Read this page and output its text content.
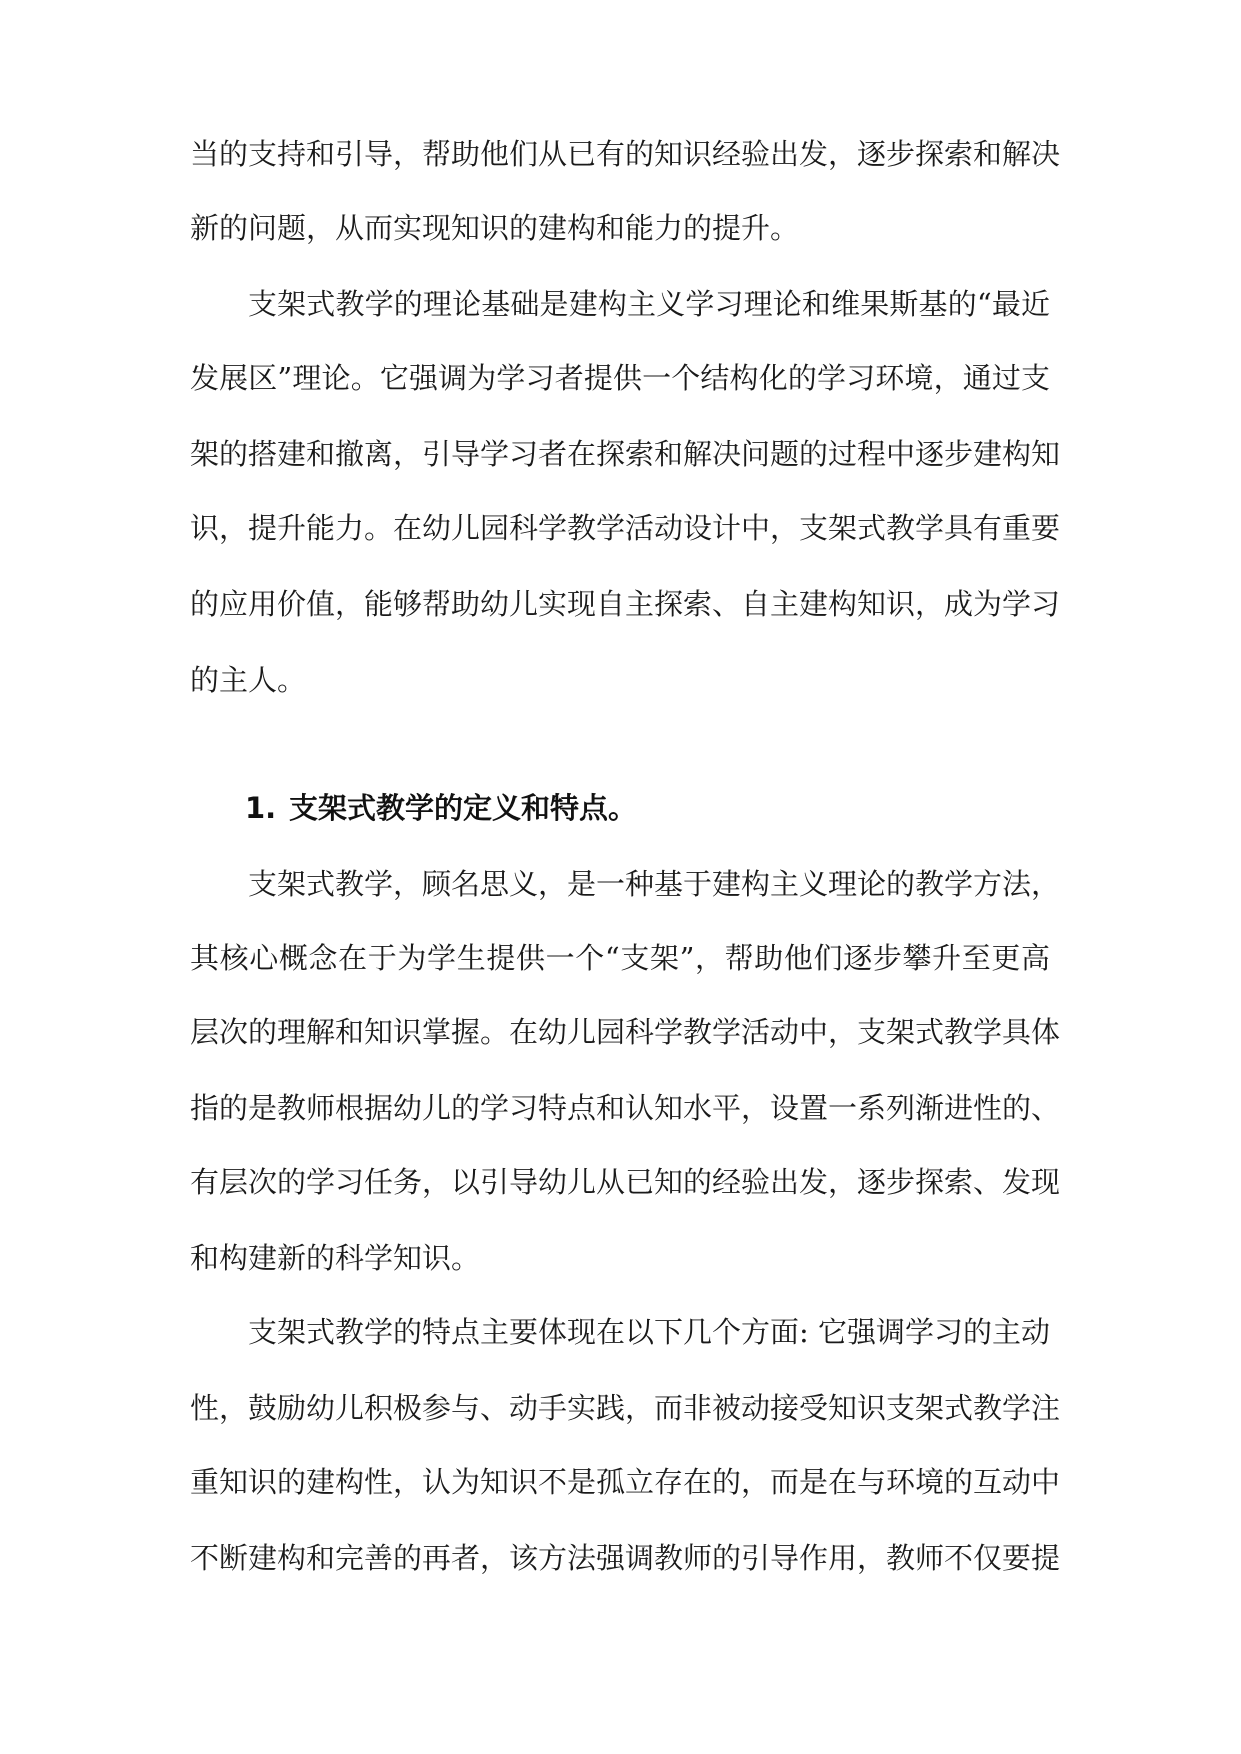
当的支持和引导，帮助他们从已有的知识经验出发，逐步探索和解决
新的问题，从而实现知识的建构和能力的提升。
支架式教学的理论基础是建构主义学习理论和维果斯基的“最近
发展区”理论。它强调为学习者提供一个结构化的学习环境，通过支
架的搭建和撤离，引导学习者在探索和解决问题的过程中逐步建构知
识，提升能力。在幼儿园科学教学活动设计中，支架式教学具有重要
的应用价值，能够帮助幼儿实现自主探索、自主建构知识，成为学习
的主人。
1. 支架式教学的定义和特点。
支架式教学，顾名思义，是一种基于建构主义理论的教学方法，
其核心概念在于为学生提供一个“支架”，帮助他们逐步攀升至更高
层次的理解和知识掌握。在幼儿园科学教学活动中，支架式教学具体
指的是教师根据幼儿的学习特点和认知水平，设置一系列渐进性的、
有层次的学习任务，以引导幼儿从已知的经验出发，逐步探索、发现
和构建新的科学知识。
支架式教学的特点主要体现在以下几个方面: 它强调学习的主动
性，鼓励幼儿积极参与、动手实践，而非被动接受知识支架式教学注
重知识的建构性，认为知识不是孤立存在的，而是在与环境的互动中
不断建构和完善的再者，该方法强调教师的引导作用，教师不仅要提
